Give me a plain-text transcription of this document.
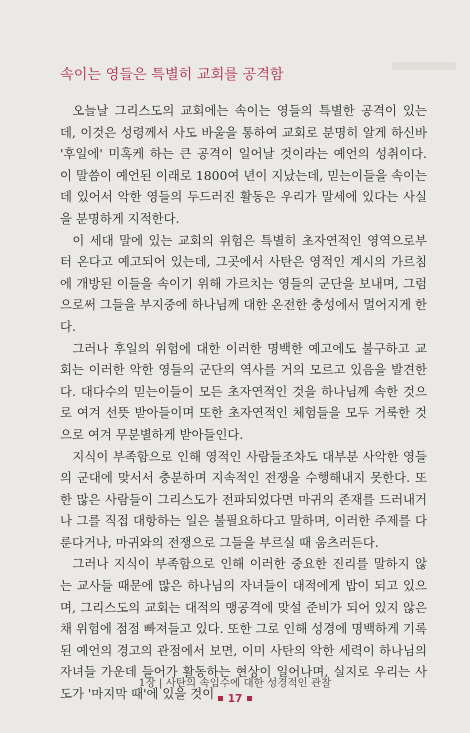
속이는 영들은 특별히 교회를 공격함

오늘날 그리스도의 교회에는 속이는 영들의 특별한 공격이 있는데, 이것은 성령께서 사도 바울을 통하여 교회로 분명히 알게 하신바 '후일에' 미혹케 하는 큰 공격이 일어날 것이라는 예언의 성취이다. 이 말씀이 예언된 이래로 1800여 년이 지났는데, 믿는이들을 속이는 데 있어서 악한 영들의 두드러진 활동은 우리가 말세에 있다는 사실을 분명하게 지적한다.

이 세대 말에 있는 교회의 위험은 특별히 초자연적인 영역으로부터 온다고 예고되어 있는데, 그곳에서 사탄은 영적인 계시의 가르침에 개방된 이들을 속이기 위해 가르치는 영들의 군단을 보내며, 그럼으로써 그들을 부지중에 하나님께 대한 온전한 충성에서 멀어지게 한다.

그러나 후일의 위험에 대한 이러한 명백한 예고에도 불구하고 교회는 이러한 악한 영들의 군단의 역사를 거의 모르고 있음을 발견한다. 대다수의 믿는이들이 모든 초자연적인 것을 하나님께 속한 것으로 여겨 선뜻 받아들이며 또한 초자연적인 체험들을 모두 거룩한 것으로 여겨 무분별하게 받아들인다.

지식이 부족함으로 인해 영적인 사람들조차도 대부분 사악한 영들의 군대에 맞서서 충분하며 지속적인 전쟁을 수행해내지 못한다. 또한 많은 사람들이 그리스도가 전파되었다면 마귀의 존재를 드러내거나 그를 직접 대항하는 일은 불필요하다고 말하며, 이러한 주제를 다룬다거나, 마귀와의 전쟁으로 그들을 부르실 때 움츠러든다.

그러나 지식이 부족함으로 인해 이러한 중요한 진리를 말하지 않는 교사들 때문에 많은 하나님의 자녀들이 대적에게 밥이 되고 있으며, 그리스도의 교회는 대적의 맹공격에 맞설 준비가 되어 있지 않은 채 위험에 점점 빠져들고 있다. 또한 그로 인해 성경에 명백하게 기록된 예언의 경고의 관점에서 보면, 이미 사탄의 악한 세력이 하나님의 자녀들 가운데 들어가 활동하는 현상이 일어나며, 실지로 우리는 사도가 '마지막 때'에 있을 것이

1장 | 사탄의 속임수에 대한 성경적인 관찰
17
